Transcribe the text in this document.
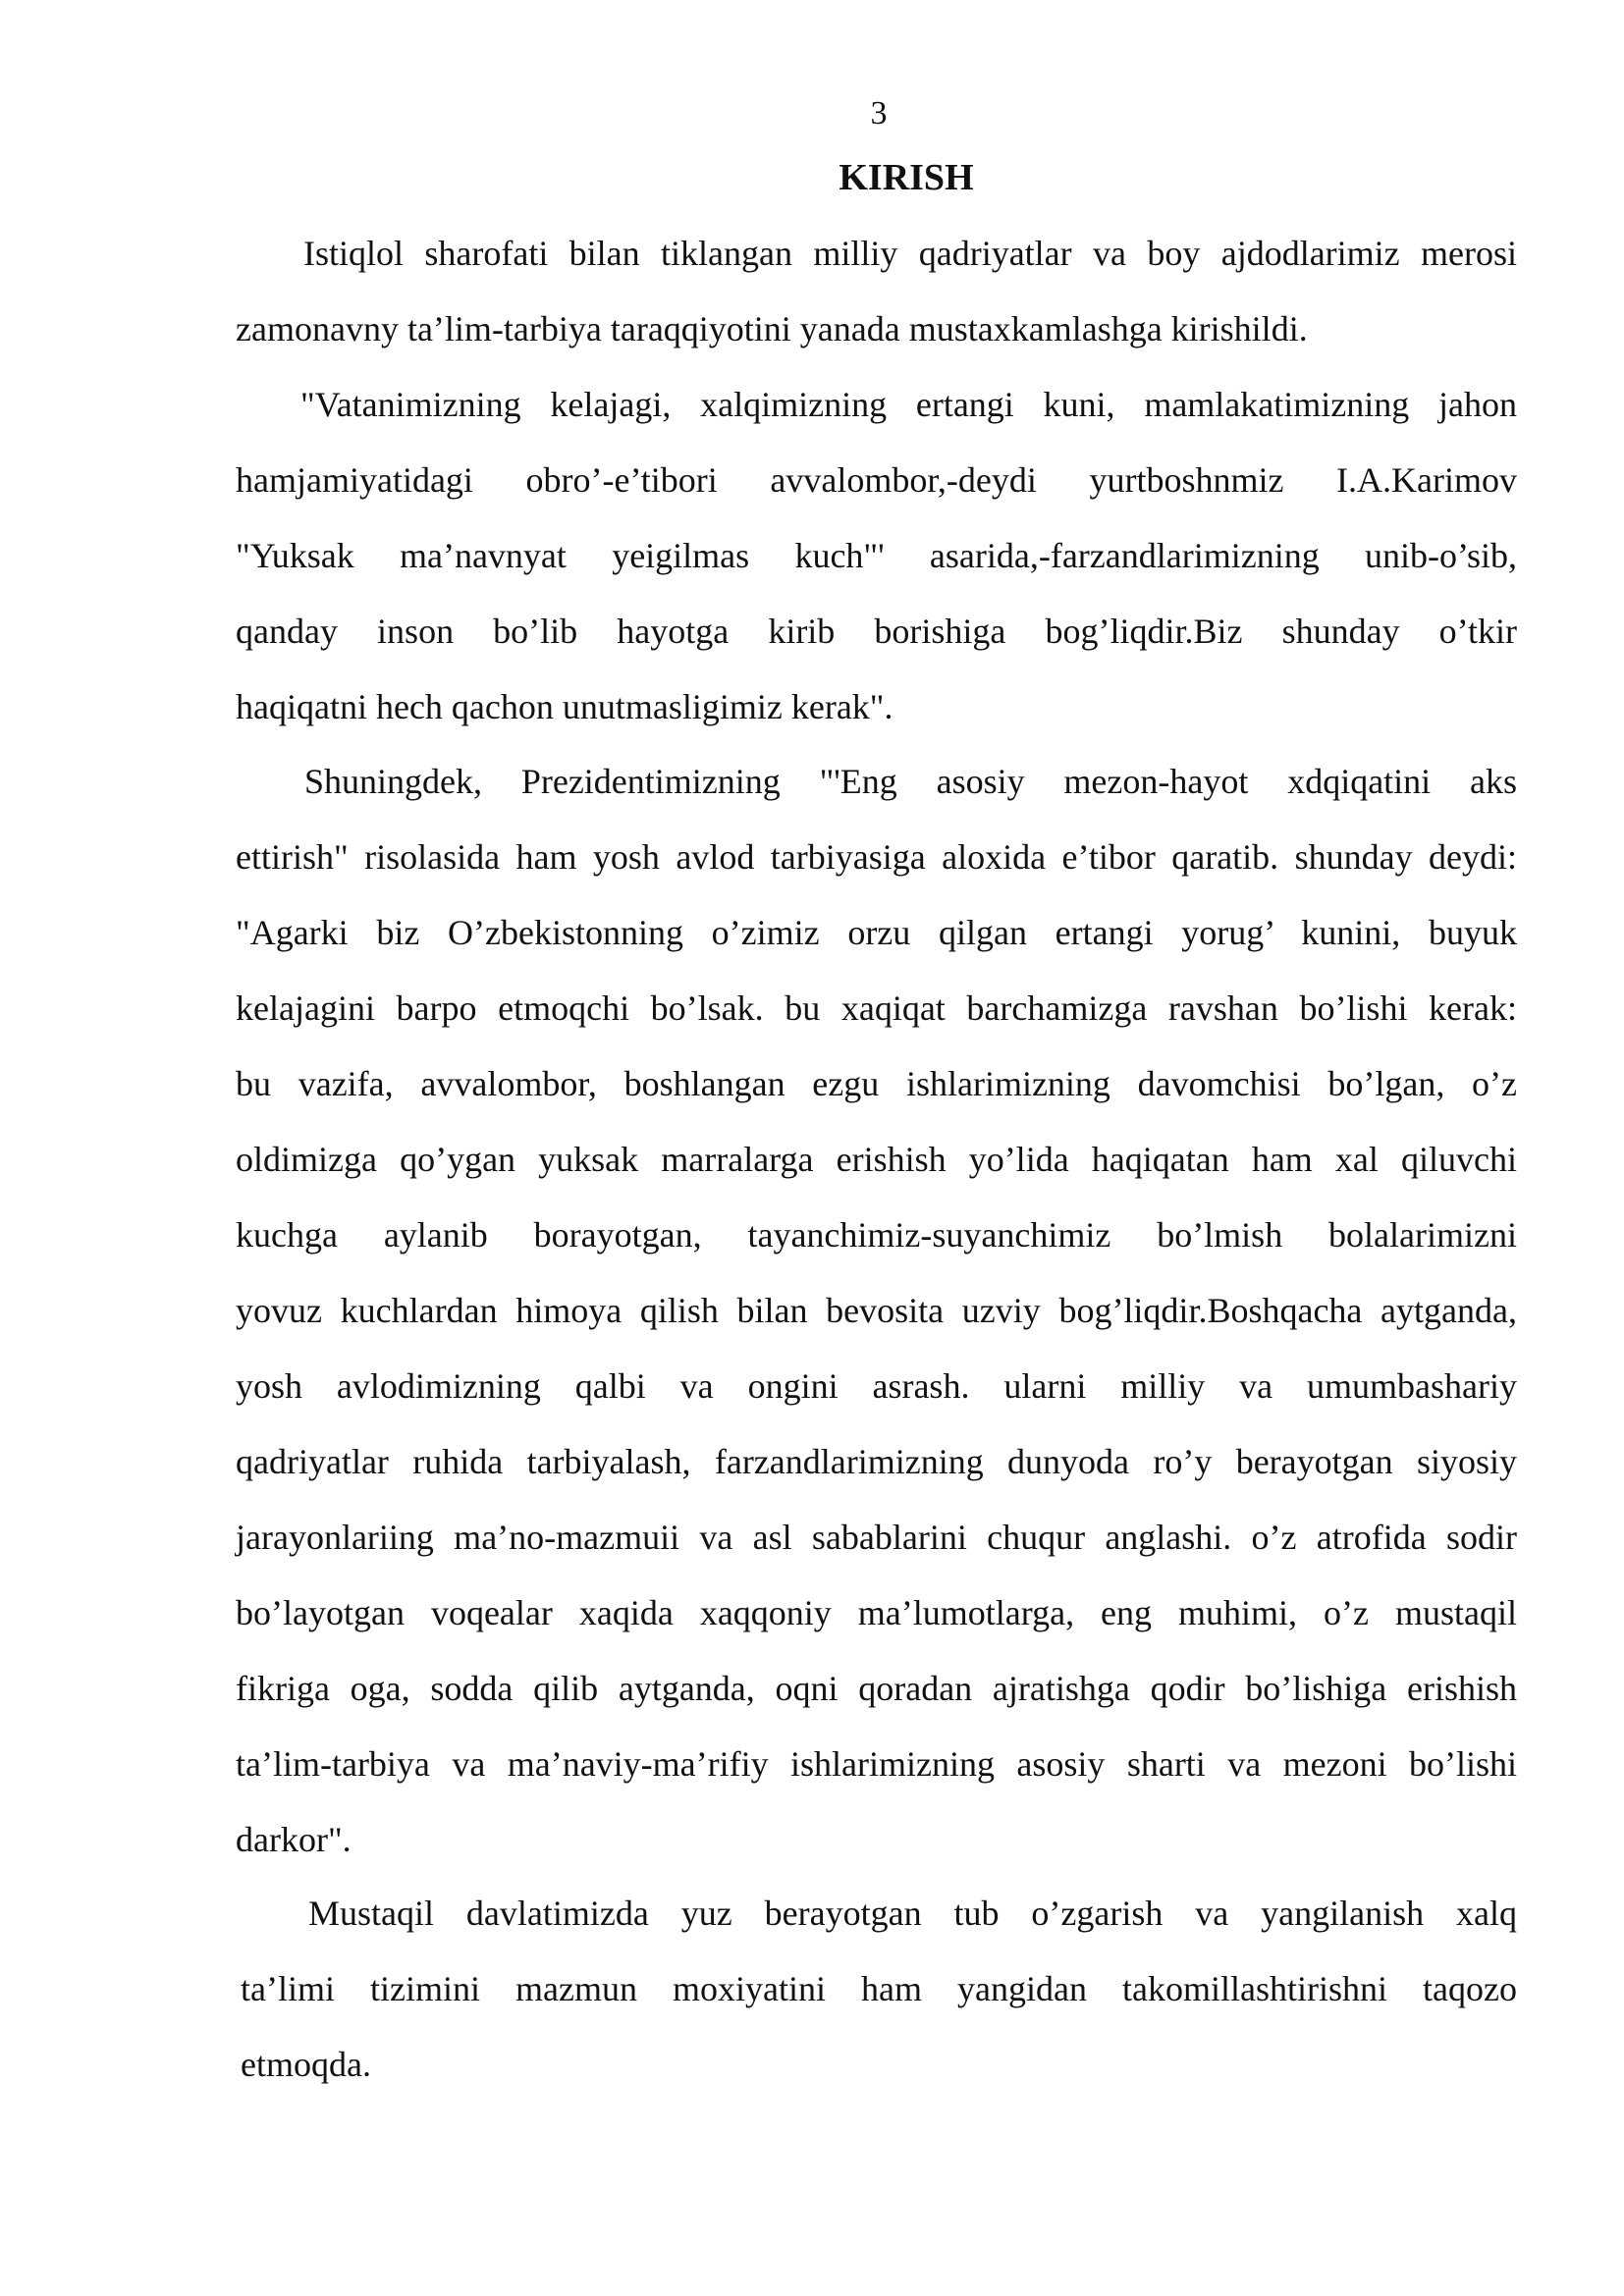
3
KIRISH
Istiqlol sharofati bilan tiklangan milliy qadriyatlar va boy ajdodlarimiz merosi
zamonavny ta’lim-tarbiya taraqqiyotini yanada mustaxkamlashga kirishildi.
"Vatanimizning kelajagi, xalqimizning ertangi kuni, mamlakatimizning jahon
hamjamiyatidagi obro’-e’tibori avvalombor,-deydi yurtboshnmiz I.A.Karimov
"Yuksak ma’navnyat yeigilmas kuch"' asarida,-farzandlarimizning unib-o’sib,
qanday inson bo’lib hayotga kirib borishiga bog’liqdir.Biz shunday o’tkir
haqiqatni hech qachon unutmasligimiz kerak".
Shuningdek, Prezidentimizning "'Eng asosiy mezon-hayot xdqiqatini aks
ettirish" risolasida ham yosh avlod tarbiyasiga aloxida e’tibor qaratib. shunday deydi:
"Agarki biz O’zbekistonning o’zimiz orzu qilgan ertangi yorug’ kunini, buyuk
kelajagini barpo etmoqchi bo’lsak. bu xaqiqat barchamizga ravshan bo’lishi kerak:
bu vazifa, avvalombor, boshlangan ezgu ishlarimizning davomchisi bo’lgan, o’z
oldimizga qo’ygan yuksak marralarga erishish yo’lida haqiqatan ham xal qiluvchi
kuchga aylanib borayotgan, tayanchimiz-suyanchimiz bo’lmish bolalarimizni
yovuz kuchlardan himoya qilish bilan bevosita uzviy bog’liqdir.Boshqacha aytganda,
yosh avlodimizning qalbi va ongini asrash. ularni milliy va umumbashariy
qadriyatlar ruhida tarbiyalash, farzandlarimizning dunyoda ro’y berayotgan siyosiy
jarayonlariing ma’no-mazmuii va asl sabablarini chuqur anglashi. o’z atrofida sodir
bo’layotgan voqealar xaqida xaqqoniy ma’lumotlarga, eng muhimi, o’z mustaqil
fikriga oga, sodda qilib aytganda, oqni qoradan ajratishga qodir bo’lishiga erishish
ta’lim-tarbiya va ma’naviy-ma’rifiy ishlarimizning asosiy sharti va mezoni bo’lishi
darkor".
Mustaqil davlatimizda yuz berayotgan tub o’zgarish va yangilanish xalq
ta’limi tizimini mazmun moxiyatini ham yangidan takomillashtirishni taqozo
etmoqda.
